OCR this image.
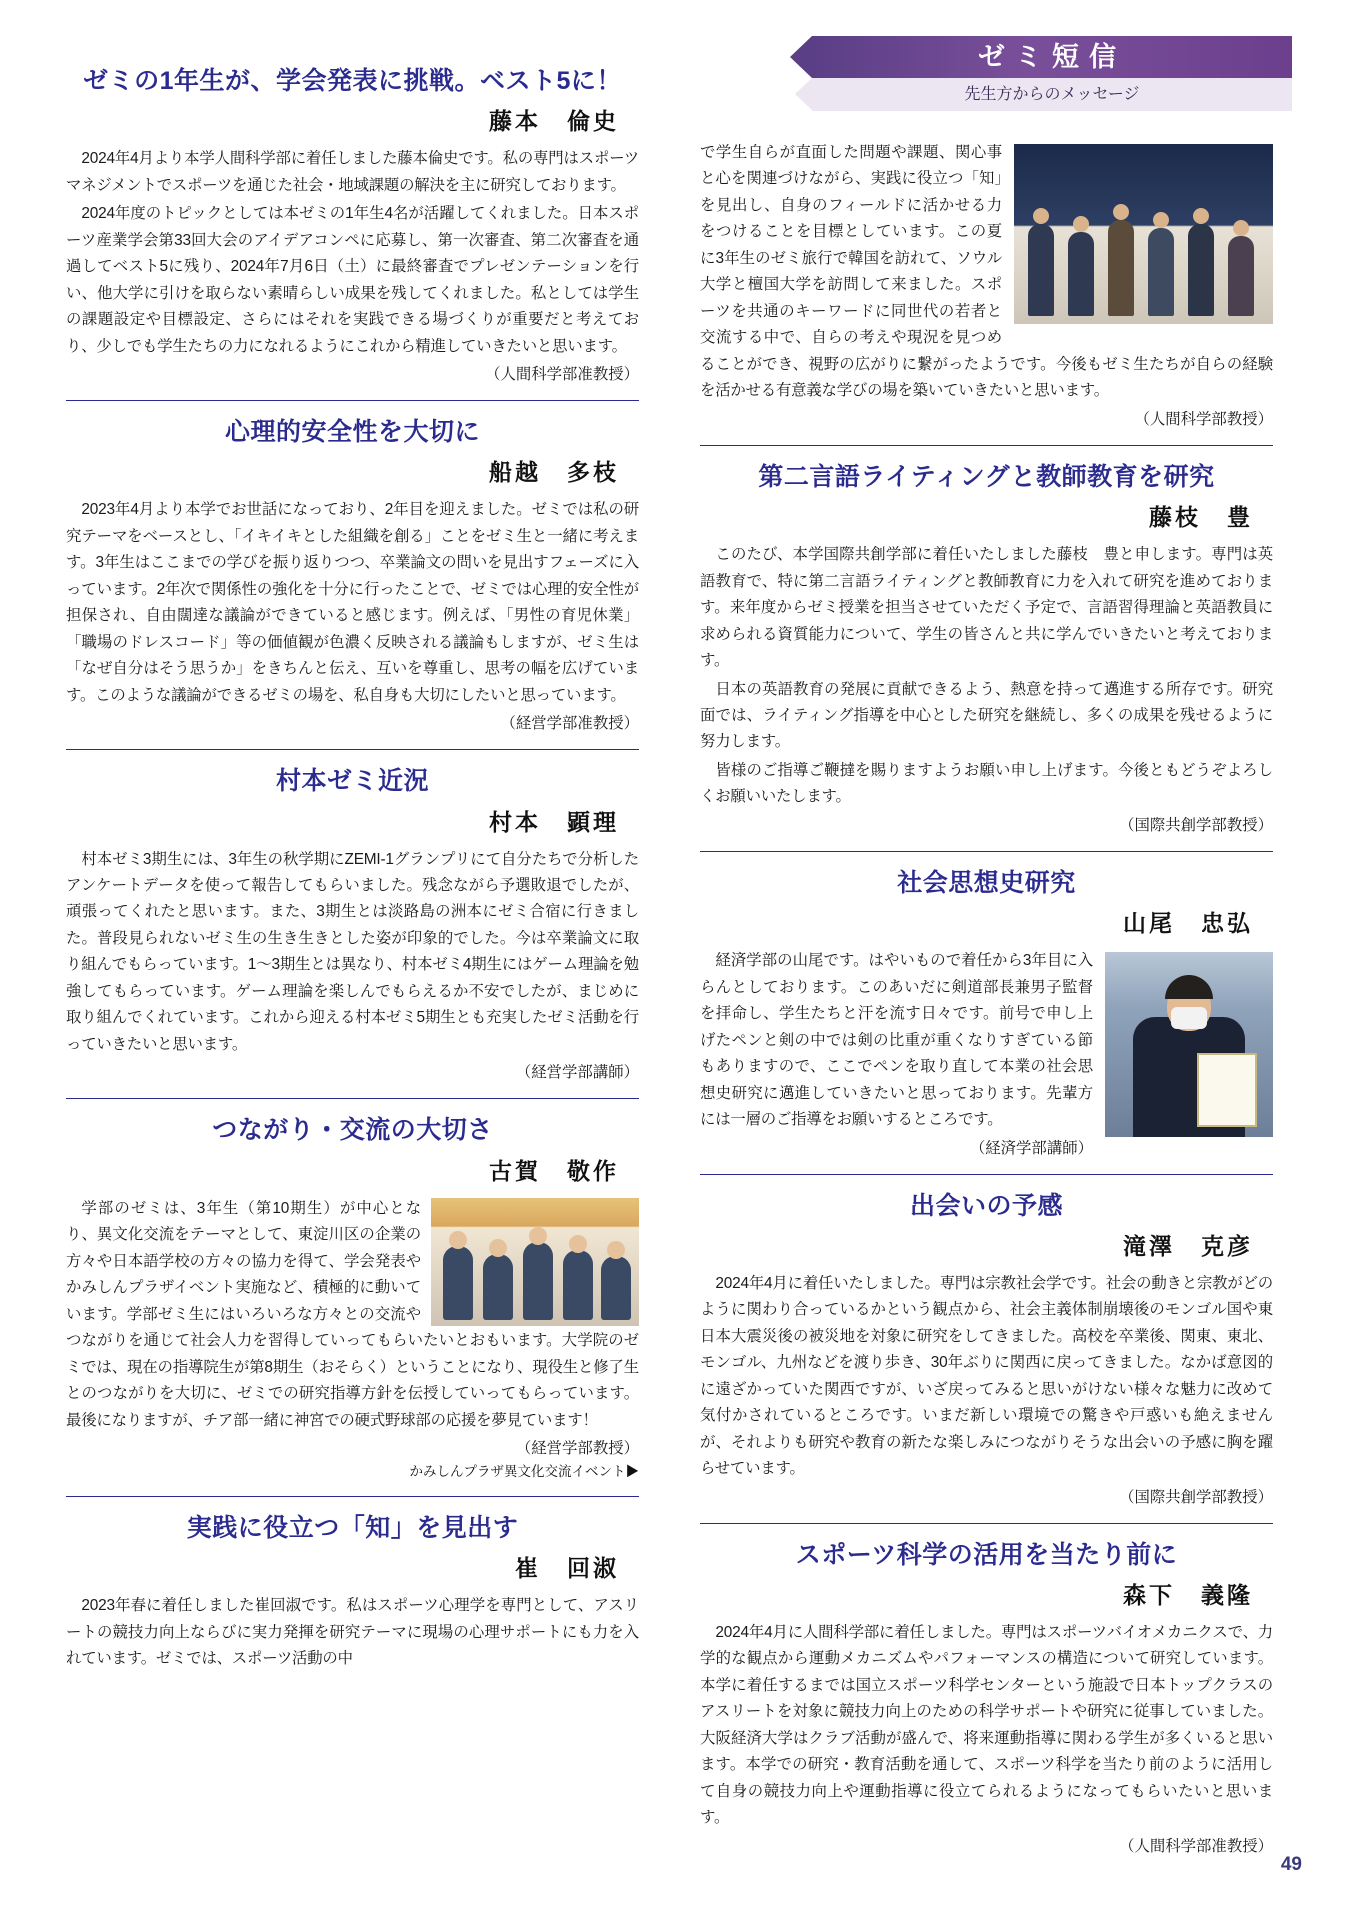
ゼミ短信
先生方からのメッセージ
ゼミの1年生が、学会発表に挑戦。ベスト5に！
藤本　倫史

2024年4月より本学人間科学部に着任しました藤本倫史です。私の専門はスポーツマネジメントでスポーツを通じた社会・地域課題の解決を主に研究しております。

2024年度のトピックとしては本ゼミの1年生4名が活躍してくれました。日本スポーツ産業学会第33回大会のアイデアコンペに応募し、第一次審査、第二次審査を通過してベスト5に残り、2024年7月6日（土）に最終審査でプレゼンテーションを行い、他大学に引けを取らない素晴らしい成果を残してくれました。私としては学生の課題設定や目標設定、さらにはそれを実践できる場づくりが重要だと考えており、少しでも学生たちの力になれるようにこれから精進していきたいと思います。

（人間科学部准教授）
心理的安全性を大切に
船越　多枝

2023年4月より本学でお世話になっており、2年目を迎えました。ゼミでは私の研究テーマをベースとし、「イキイキとした組織を創る」ことをゼミ生と一緒に考えます。3年生はここまでの学びを振り返りつつ、卒業論文の問いを見出すフェーズに入っています。2年次で関係性の強化を十分に行ったことで、ゼミでは心理的安全性が担保され、自由闊達な議論ができていると感じます。例えば、「男性の育児休業」「職場のドレスコード」等の価値観が色濃く反映される議論もしますが、ゼミ生は「なぜ自分はそう思うか」をきちんと伝え、互いを尊重し、思考の幅を広げています。このような議論ができるゼミの場を、私自身も大切にしたいと思っています。

（経営学部准教授）
村本ゼミ近況
村本　顕理

村本ゼミ3期生には、3年生の秋学期にZEMI-1グランプリにて自分たちで分析したアンケートデータを使って報告してもらいました。残念ながら予選敗退でしたが、頑張ってくれたと思います。また、3期生とは淡路島の洲本にゼミ合宿に行きました。普段見られないゼミ生の生き生きとした姿が印象的でした。今は卒業論文に取り組んでもらっています。1～3期生とは異なり、村本ゼミ4期生にはゲーム理論を勉強してもらっています。ゲーム理論を楽しんでもらえるか不安でしたが、まじめに取り組んでくれています。これから迎える村本ゼミ5期生とも充実したゼミ活動を行っていきたいと思います。

（経営学部講師）
つながり・交流の大切さ
古賀　敬作

学部のゼミは、3年生（第10期生）が中心となり、異文化交流をテーマとして、東淀川区の企業の方々や日本語学校の方々の協力を得て、学会発表やかみしんプラザイベント実施など、積極的に動いています。学部ゼミ生にはいろいろな方々との交流やつながりを通じて社会人力を習得していってもらいたいとおもいます。大学院のゼミでは、現在の指導院生が第8期生（おそらく）ということになり、現役生と修了生とのつながりを大切に、ゼミでの研究指導方針を伝授していってもらっています。最後になりますが、チア部一緒に神宮での硬式野球部の応援を夢見ています！

（経営学部教授）
かみしんプラザ異文化交流イベント▶
実践に役立つ「知」を見出す
崔　回淑

2023年春に着任しました崔回淑です。私はスポーツ心理学を専門として、アスリートの競技力向上ならびに実力発揮を研究テーマに現場の心理サポートにも力を入れています。ゼミでは、スポーツ活動の中

で学生自らが直面した問題や課題、関心事と心を関連づけながら、実践に役立つ「知」を見出し、自身のフィールドに活かせる力をつけることを目標としています。この夏に3年生のゼミ旅行で韓国を訪れて、ソウル大学と檀国大学を訪問して来ました。スポーツを共通のキーワードに同世代の若者と交流する中で、自らの考えや現況を見つめることができ、視野の広がりに繋がったようです。今後もゼミ生たちが自らの経験を活かせる有意義な学びの場を築いていきたいと思います。

（人間科学部教授）
第二言語ライティングと教師教育を研究
藤枝　豊

このたび、本学国際共創学部に着任いたしました藤枝　豊と申します。専門は英語教育で、特に第二言語ライティングと教師教育に力を入れて研究を進めております。来年度からゼミ授業を担当させていただく予定で、言語習得理論と英語教員に求められる資質能力について、学生の皆さんと共に学んでいきたいと考えております。

日本の英語教育の発展に貢献できるよう、熱意を持って邁進する所存です。研究面では、ライティング指導を中心とした研究を継続し、多くの成果を残せるように努力します。

皆様のご指導ご鞭撻を賜りますようお願い申し上げます。今後ともどうぞよろしくお願いいたします。

（国際共創学部教授）
社会思想史研究
山尾　忠弘

経済学部の山尾です。はやいもので着任から3年目に入らんとしております。このあいだに剣道部長兼男子監督を拝命し、学生たちと汗を流す日々です。前号で申し上げたペンと剣の中では剣の比重が重くなりすぎている節もありますので、ここでペンを取り直して本業の社会思想史研究に邁進していきたいと思っております。先輩方には一層のご指導をお願いするところです。

（経済学部講師）
出会いの予感
滝澤　克彦

2024年4月に着任いたしました。専門は宗教社会学です。社会の動きと宗教がどのように関わり合っているかという観点から、社会主義体制崩壊後のモンゴル国や東日本大震災後の被災地を対象に研究をしてきました。高校を卒業後、関東、東北、モンゴル、九州などを渡り歩き、30年ぶりに関西に戻ってきました。なかば意図的に遠ざかっていた関西ですが、いざ戻ってみると思いがけない様々な魅力に改めて気付かされているところです。いまだ新しい環境での驚きや戸惑いも絶えませんが、それよりも研究や教育の新たな楽しみにつながりそうな出会いの予感に胸を躍らせています。

（国際共創学部教授）
スポーツ科学の活用を当たり前に
森下　義隆

2024年4月に人間科学部に着任しました。専門はスポーツバイオメカニクスで、力学的な観点から運動メカニズムやパフォーマンスの構造について研究しています。本学に着任するまでは国立スポーツ科学センターという施設で日本トップクラスのアスリートを対象に競技力向上のための科学サポートや研究に従事していました。大阪経済大学はクラブ活動が盛んで、将来運動指導に関わる学生が多くいると思います。本学での研究・教育活動を通して、スポーツ科学を当たり前のように活用して自身の競技力向上や運動指導に役立てられるようになってもらいたいと思います。

（人間科学部准教授）
49
